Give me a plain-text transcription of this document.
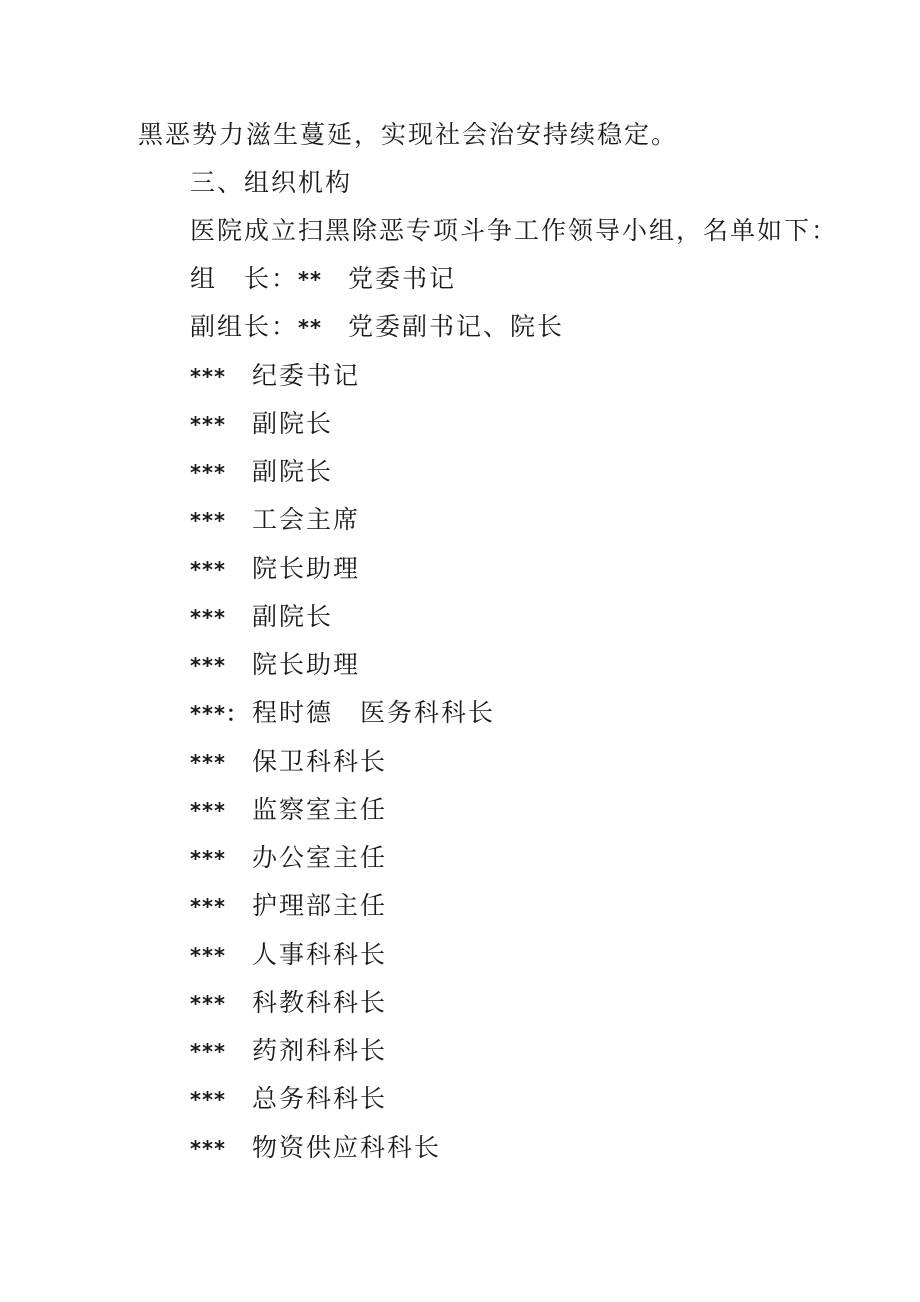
黑恶势力滋生蔓延，实现社会治安持续稳定。
三、组织机构
医院成立扫黑除恶专项斗争工作领导小组，名单如下：
组　长：** 党委书记
副组长：** 党委副书记、院长
*** 纪委书记
*** 副院长
*** 副院长
*** 工会主席
*** 院长助理
*** 副院长
*** 院长助理
***： 程时德　医务科科长
*** 保卫科科长
*** 监察室主任
*** 办公室主任
*** 护理部主任
*** 人事科科长
*** 科教科科长
*** 药剂科科长
*** 总务科科长
*** 物资供应科科长
